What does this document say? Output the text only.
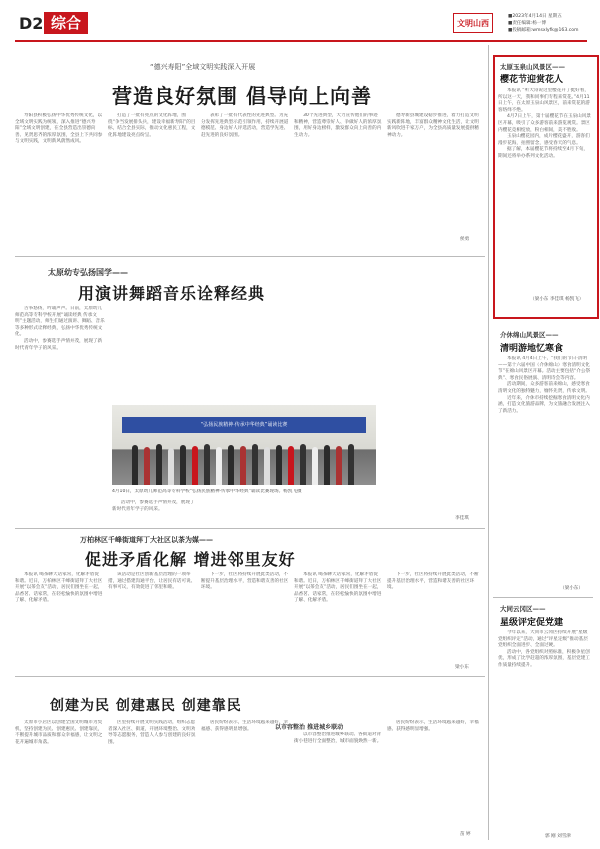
D2 综合	文明山西
■2023年4月14日 星期五
■责任编辑:杨一博
■投稿邮箱:wmsxlyfk@163.com
“德兴寿阳”全域文明实践深入开展
营造良好氛围 倡导向上向善

寿阳县积极弘扬中华优秀传统文化，以全域文明实践为统领，深入推进“德兴寿阳”全域文明创建，在全县营造出崇德向善、见贤思齐的浓厚氛围，全县上下共同参与文明实践，文明新风蔚然成风。

打造了一批有亮点的文化阵地，围绕“争当发展排头兵，建设幸福新寿阳”的目标，结合全县实际，推动文化惠民工程，文化阵地建设亮点纷呈。

表彰了一批有代表性的先进典型。为充分发挥先进典型示范引领作用，持续开展道德模范、身边好人评选活动，营造学先进、赶先进的良好氛围。

30个先进典型，大力宣传他们的事迹和精神，营造尊崇好人、争做好人的浓厚氛围，用好身边榜样，激发群众向上向善的内生动力。

德寿新县城建设稳步推进，着力打造文明实践新阵地，丰富群众精神文化生活，让文明新风吹进千家万户，为全县高质量发展提供精神动力。

侯勇
太原幼专弘扬国学——
用演讲舞蹈音乐诠释经典

古筝悠扬，吟诵声声。日前，太原幼儿师范高等专科学校开展“诵读经典 传承文明”主题活动，师生们通过演讲、舞蹈、音乐等多种形式诠释经典，弘扬中华优秀传统文化。

活动中，参赛选手声情并茂，展现了新时代青年学子的风采。

“弘扬民族精神·传承中华经典”诵读比赛
4月10日，太原幼儿师范高等专科学校“弘扬民族精神·传承中华经典”诵读比赛现场。杨凯飞摄

活动中，参赛选手声情并茂，展现了新时代青年学子的风采。

李佳琪
万柏林区千峰街道拜丁大社区以茶为媒——
促进矛盾化解 增进邻里友好

本报讯 喝茶聊天话家常，化解矛盾促和谐。近日，万柏林区千峰街道拜丁大社区开展“以茶会友”活动，居民们围坐在一起，品香茗、话家常，在轻松愉快的氛围中增进了解、化解矛盾。

该活动是社区创新基层治理的一项举措，通过搭建沟通平台，让居民有话可说、有事可议，有效促进了邻里和睦。

下一步，社区将持续开展此类活动，不断提升基层治理水平，营造和谐友善的社区环境。

本报讯 喝茶聊天话家常，化解矛盾促和谐。近日，万柏林区千峰街道拜丁大社区开展“以茶会友”活动，居民们围坐在一起，品香茗、话家常，在轻松愉快的氛围中增进了解、化解矛盾。

下一步，社区将持续开展此类活动，不断提升基层治理水平，营造和谐友善的社区环境。

梁小东
创建为民 创建惠民 创建靠民

太原市小店区以创建全国文明城市为契机，坚持创建为民、创建惠民、创建靠民，不断提升城市品质和群众幸福感，让文明之花开遍城市角落。

区里持续开展文明实践活动，组织志愿者深入社区、街道，开展环境整治、文明劝导等志愿服务，营造人人参与创建的良好氛围。

居民纷纷表示，生活环境越来越好，幸福感、获得感明显增强。	以市容整治 推进城乡联动

以市容整治推进城乡联动。各街道对背街小巷进行全面整治，城市面貌焕然一新。

居民纷纷表示，生活环境越来越好，幸福感、获得感明显增强。

苗 婷
太原玉泉山风景区——
樱花节迎赏花人

本报讯 “听大哥说这里樱花开了挺好看，所以这一天，我和同事们专程来赏花。”4月11日上午，在太原玉泉山风景区，前来赏花的游客络绎不绝。

4月7日上午，第十届樱花节在玉泉山风景区开幕，吸引了众多游客前来游览观赏。景区内樱花竞相绽放，粉白相间，美不胜收。

玉泉山樱花园内，成片樱花盛开，游客们漫步花海，拍照留念，感受春天的气息。

据了解，本届樱花节将持续至4月下旬，期间还将举办系列文化活动。

（梁小东 李佳琪 杨凯飞）
介休绵山风景区——
清明游地忆寒食

本报讯 4月4日上午，“我们的节日·清明——第十六届中国（介休绵山）寒食清明文化节”在绵山风景区开幕。活动主要包括“介公祭典”、寒食民俗展演、清明诗会等内容。

活动期间，众多游客前来绵山，感受寒食清明文化的独特魅力，缅怀先贤，传承文明。

近年来，介休市持续挖掘寒食清明文化内涵，打造文化旅游品牌，为文旅融合发展注入了新活力。

（梁小东）
大同云冈区——
星级评定促党建

今年以来，大同市云冈区持续开展“星级党组织评定”活动，通过“评星定级”推动基层党组织全面进步、全面过硬。

活动中，各党组织对照标准，积极争星创优，形成了比学赶超的浓厚氛围，基层党建工作质量持续提升。

郭 刚 刘雪津
